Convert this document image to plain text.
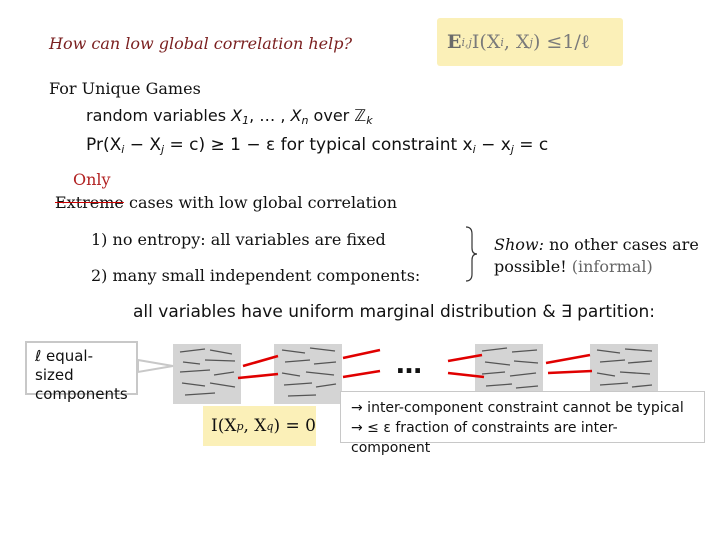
How can low global correlation help?	E i,j I(X i , X j ) ≤ 1/ℓ
For Unique Games
random variables $X_1$, … , $X_n$ over ℤ$_k$
$Pr(X_i - X_j = c) \ge 1 - \varepsilon$ for typical constraint $x_i - x_j = c$
Only
Extreme cases with low global correlation
1) no entropy: all variables are fixed
2) many small independent components:
Show: no other cases are possible! (informal)
all variables have uniform marginal distribution & ∃ partition:
ℓ equal-sized
components
…
I(X p , X q ) = 0
→ inter-component constraint cannot be typical
→ ≤ ε fraction of constraints are inter-component
